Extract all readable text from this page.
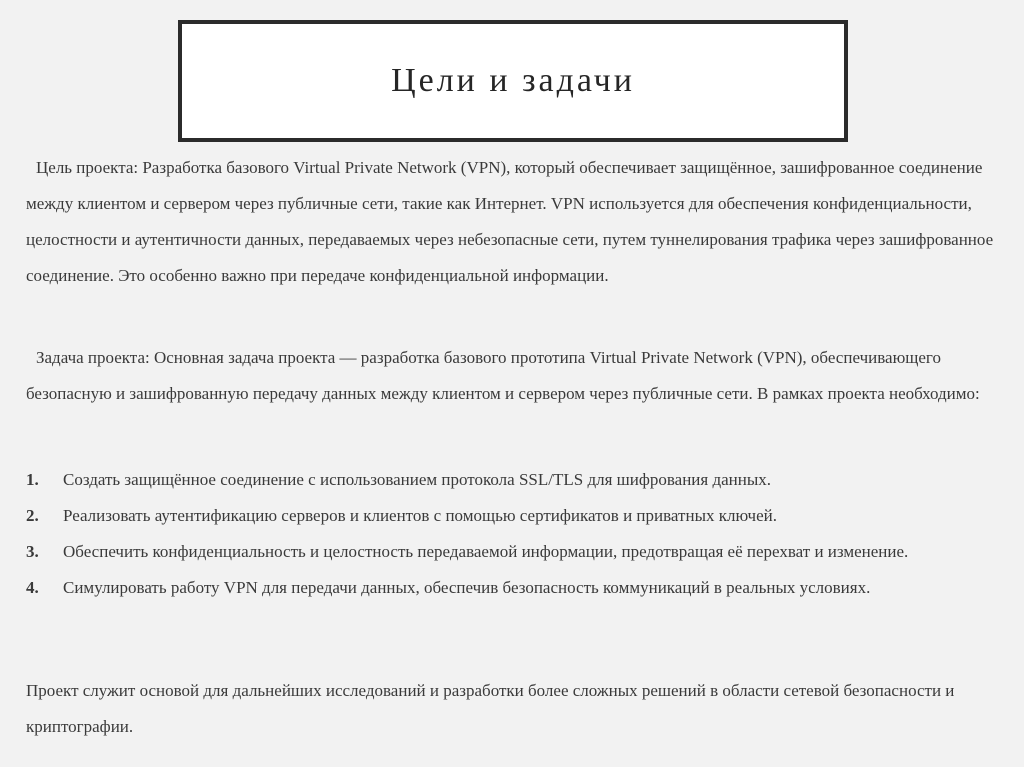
Цели и задачи

Цель проекта: Разработка базового Virtual Private Network (VPN), который обеспечивает защищённое, зашифрованное соединение между клиентом и сервером через публичные сети, такие как Интернет. VPN используется для обеспечения конфиденциальности, целостности и аутентичности данных, передаваемых через небезопасные сети, путем туннелирования трафика через зашифрованное соединение. Это особенно важно при передаче конфиденциальной информации.

Задача проекта: Основная задача проекта — разработка базового прототипа Virtual Private Network (VPN), обеспечивающего безопасную и зашифрованную передачу данных между клиентом и сервером через публичные сети. В рамках проекта необходимо:

1.	Создать защищённое соединение с использованием протокола SSL/TLS для шифрования данных.
2.	Реализовать аутентификацию серверов и клиентов с помощью сертификатов и приватных ключей.
3.	Обеспечить конфиденциальность и целостность передаваемой информации, предотвращая её перехват и изменение.
4.	Симулировать работу VPN для передачи данных, обеспечив безопасность коммуникаций в реальных условиях.

Проект служит основой для дальнейших исследований и разработки более сложных решений в области сетевой безопасности и криптографии.
